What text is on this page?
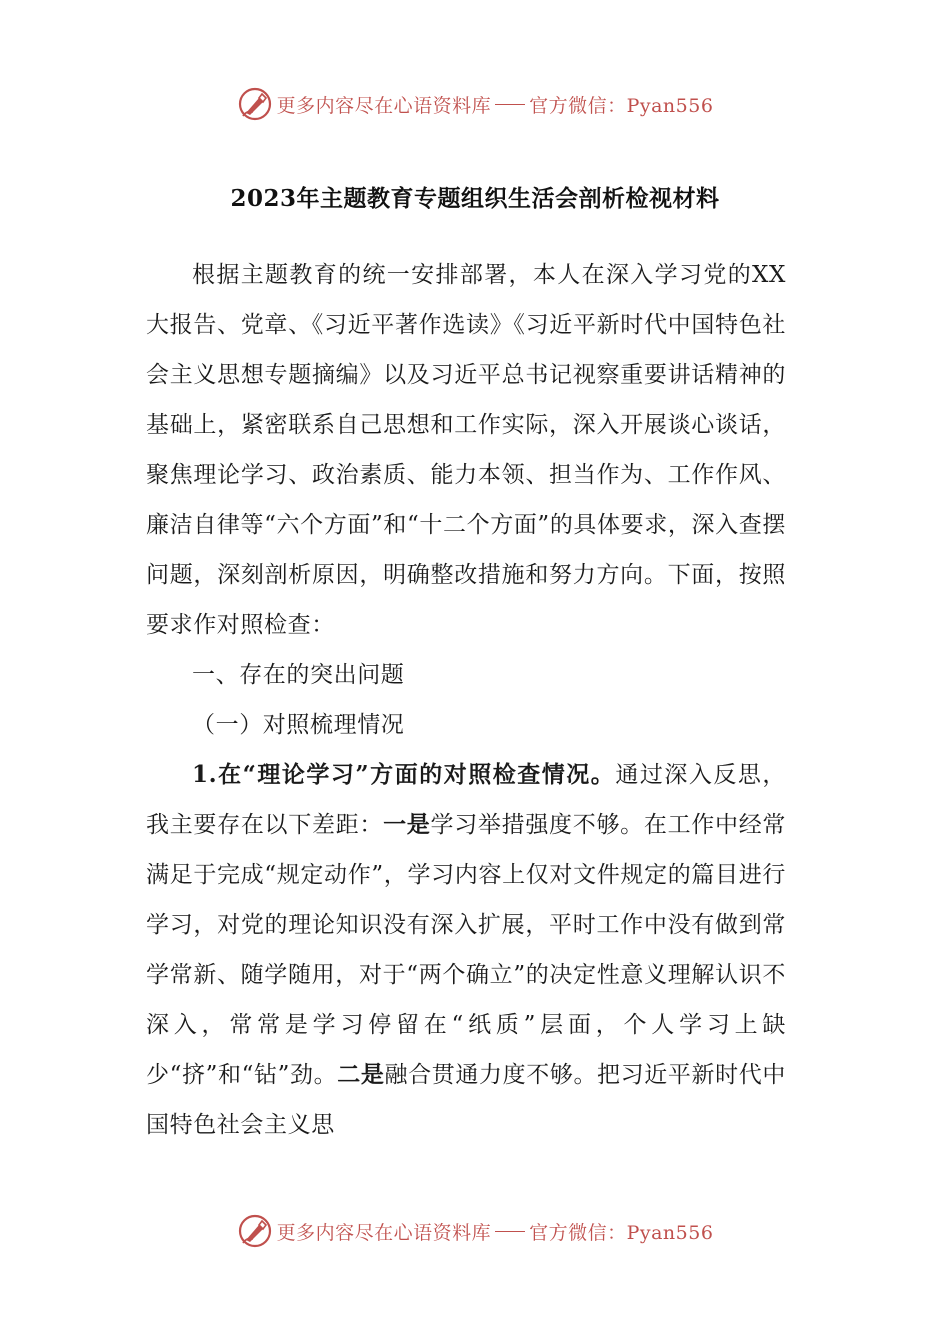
更多内容尽在心语资料库 官方微信：Pyan556
2023年主题教育专题组织生活会剖析检视材料

根据主题教育的统一安排部署，本人在深入学习党的XX大报告、党章、《习近平著作选读》《习近平新时代中国特色社会主义思想专题摘编》以及习近平总书记视察重要讲话精神的基础上，紧密联系自己思想和工作实际，深入开展谈心谈话，聚焦理论学习、政治素质、能力本领、担当作为、工作作风、廉洁自律等“六个方面”和“十二个方面”的具体要求，深入查摆问题，深刻剖析原因，明确整改措施和努力方向。下面，按照要求作对照检查：

一、存在的突出问题

（一）对照梳理情况

1.在“理论学习”方面的对照检查情况。通过深入反思，我主要存在以下差距：一是学习举措强度不够。在工作中经常满足于完成“规定动作”，学习内容上仅对文件规定的篇目进行学习，对党的理论知识没有深入扩展，平时工作中没有做到常学常新、随学随用，对于“两个确立”的决定性意义理解认识不深入，常常是学习停留在“纸质”层面，个人学习上缺少“挤”和“钻”劲。二是融合贯通力度不够。把习近平新时代中国特色社会主义思

更多内容尽在心语资料库 官方微信：Pyan556
